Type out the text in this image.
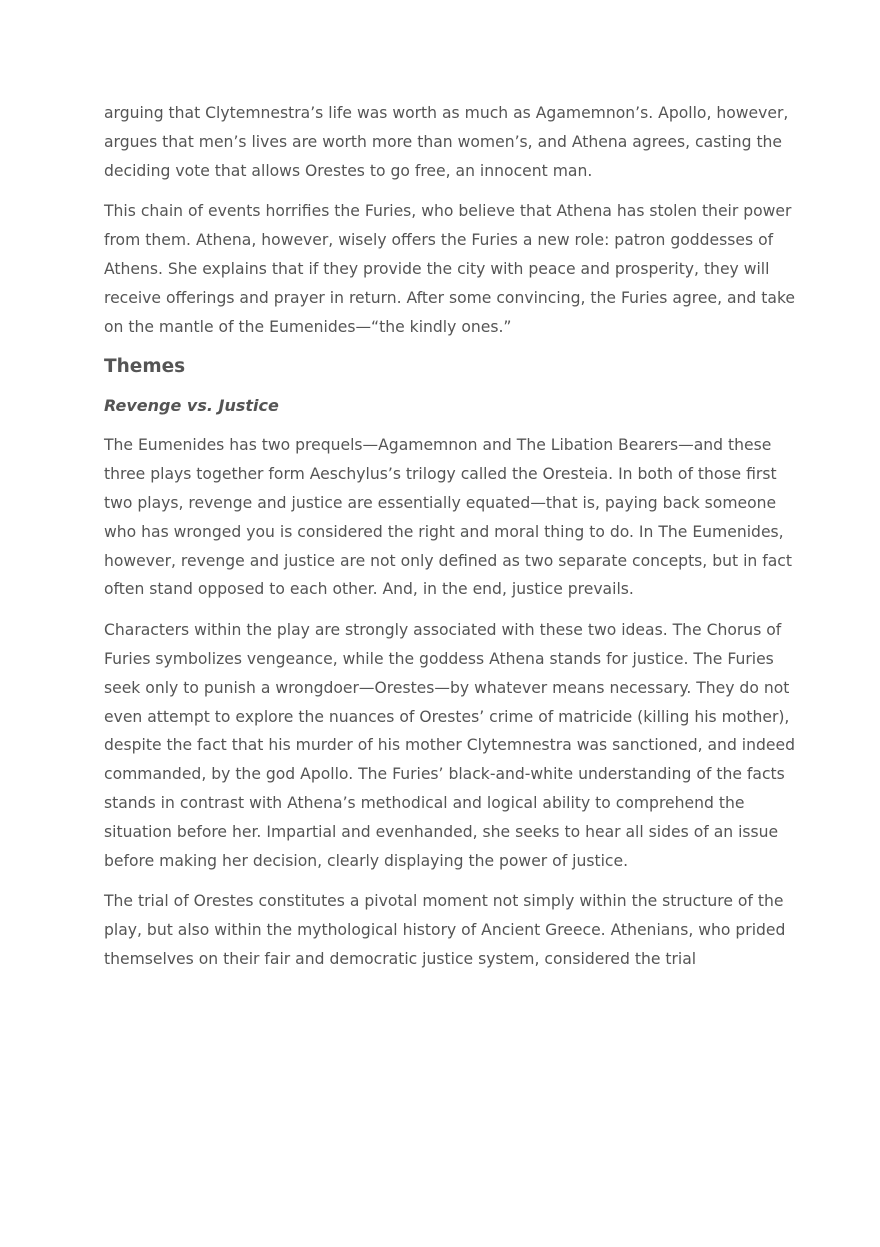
arguing that Clytemnestra’s life was worth as much as Agamemnon’s. Apollo, however, argues that men’s lives are worth more than women’s, and Athena agrees, casting the deciding vote that allows Orestes to go free, an innocent man.

This chain of events horrifies the Furies, who believe that Athena has stolen their power from them. Athena, however, wisely offers the Furies a new role: patron goddesses of Athens. She explains that if they provide the city with peace and prosperity, they will receive offerings and prayer in return. After some convincing, the Furies agree, and take on the mantle of the Eumenides—“the kindly ones.”

Themes
Revenge vs. Justice

The Eumenides has two prequels—Agamemnon and The Libation Bearers—and these three plays together form Aeschylus’s trilogy called the Oresteia. In both of those first two plays, revenge and justice are essentially equated—that is, paying back someone who has wronged you is considered the right and moral thing to do. In The Eumenides, however, revenge and justice are not only defined as two separate concepts, but in fact often stand opposed to each other. And, in the end, justice prevails.

Characters within the play are strongly associated with these two ideas. The Chorus of Furies symbolizes vengeance, while the goddess Athena stands for justice. The Furies seek only to punish a wrongdoer—Orestes—by whatever means necessary. They do not even attempt to explore the nuances of Orestes’ crime of matricide (killing his mother), despite the fact that his murder of his mother Clytemnestra was sanctioned, and indeed commanded, by the god Apollo. The Furies’ black-and-white understanding of the facts stands in contrast with Athena’s methodical and logical ability to comprehend the situation before her. Impartial and evenhanded, she seeks to hear all sides of an issue before making her decision, clearly displaying the power of justice.

The trial of Orestes constitutes a pivotal moment not simply within the structure of the play, but also within the mythological history of Ancient Greece. Athenians, who prided themselves on their fair and democratic justice system, considered the trial
